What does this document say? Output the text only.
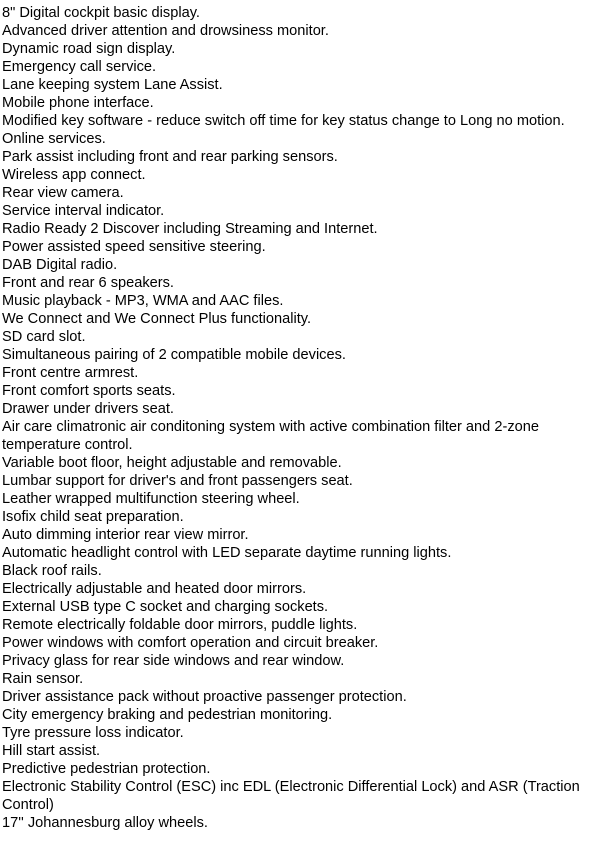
8" Digital cockpit basic display.
Advanced driver attention and drowsiness monitor.
Dynamic road sign display.
Emergency call service.
Lane keeping system Lane Assist.
Mobile phone interface.
Modified key software - reduce switch off time for key status change to Long no motion.
Online services.
Park assist including front and rear parking sensors.
Wireless app connect.
Rear view camera.
Service interval indicator.
Radio Ready 2 Discover including Streaming and Internet.
Power assisted speed sensitive steering.
DAB Digital radio.
Front and rear 6 speakers.
Music playback - MP3, WMA and AAC files.
We Connect and We Connect Plus functionality.
SD card slot.
Simultaneous pairing of 2 compatible mobile devices.
Front centre armrest.
Front comfort sports seats.
Drawer under drivers seat.
Air care climatronic air conditoning system with active combination filter and 2-zone temperature control.
Variable boot floor, height adjustable and removable.
Lumbar support for driver's and front passengers seat.
Leather wrapped multifunction steering wheel.
Isofix child seat preparation.
Auto dimming interior rear view mirror.
Automatic headlight control with LED separate daytime running lights.
Black roof rails.
Electrically adjustable and heated door mirrors.
External USB type C socket and charging sockets.
Remote electrically foldable door mirrors, puddle lights.
Power windows with comfort operation and circuit breaker.
Privacy glass for rear side windows and rear window.
Rain sensor.
Driver assistance pack without proactive passenger protection.
City emergency braking and pedestrian monitoring.
Tyre pressure loss indicator.
Hill start assist.
Predictive pedestrian protection.
Electronic Stability Control (ESC) inc EDL (Electronic Differential Lock) and ASR (Traction Control)
17'' Johannesburg alloy wheels.
